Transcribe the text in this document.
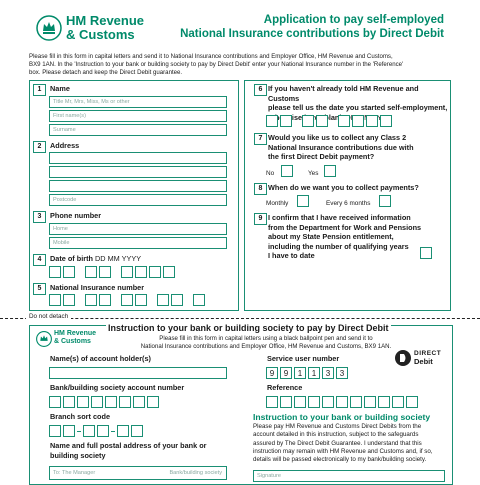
HM Revenue
& Customs
Application to pay self-employed
National Insurance contributions by Direct Debit
Please fill in this form in capital letters and send it to National Insurance contributions and Employer Office, HM Revenue and Customs,
BX9 1AN. In the 'Instruction to your bank or building society to pay by Direct Debit' enter your National Insurance number in the 'Reference'
box. Please detach and keep the Direct Debit guarantee.
1	Name
Title Mr, Mrs, Miss, Ms or other
First name(s)
Surname
2	Address
Postcode
3	Phone number
Home
Mobile
4	Date of birth DD MM YYYY
5	National Insurance number
6 If you haven't already told HM Revenue and Customs
please tell us the date you started self-employment,
blank DD MM
7 Would you like us to collect any Class 2
National Insurance contributions due with
the first Direct Debit payment?
No	Yes
8 When do we want you to collect payments?
Monthly	Every 6 months
9 I confirm that I have received information
from the Department for Work and Pensions
about my State Pension entitlement,
including the number of qualifying years
I have to date
Do not detach
HM Revenue
& Customs
Instruction to your bank or building society to pay by Direct Debit
Please fill in this form in capital letters using a black ballpoint pen and send it to
National Insurance contributions and Employer Office, HM Revenue and Customs, BX9 1AN.
Name(s) of account holder(s)
Bank/building society account number
Branch sort code
Name and full postal address of your bank or
building society
To: The Manager	Bank/building society
Service user number
9	9	1	1	3	3
DIRECT
Debit
Reference
Instruction to your bank or building society
Please pay HM Revenue and Customs Direct Debits from the
account detailed in this instruction, subject to the safeguards
assured by The Direct Debit Guarantee. I understand that this
instruction may remain with HM Revenue and Customs and, if so,
details will be passed electronically to my bank/building society.
Signature
